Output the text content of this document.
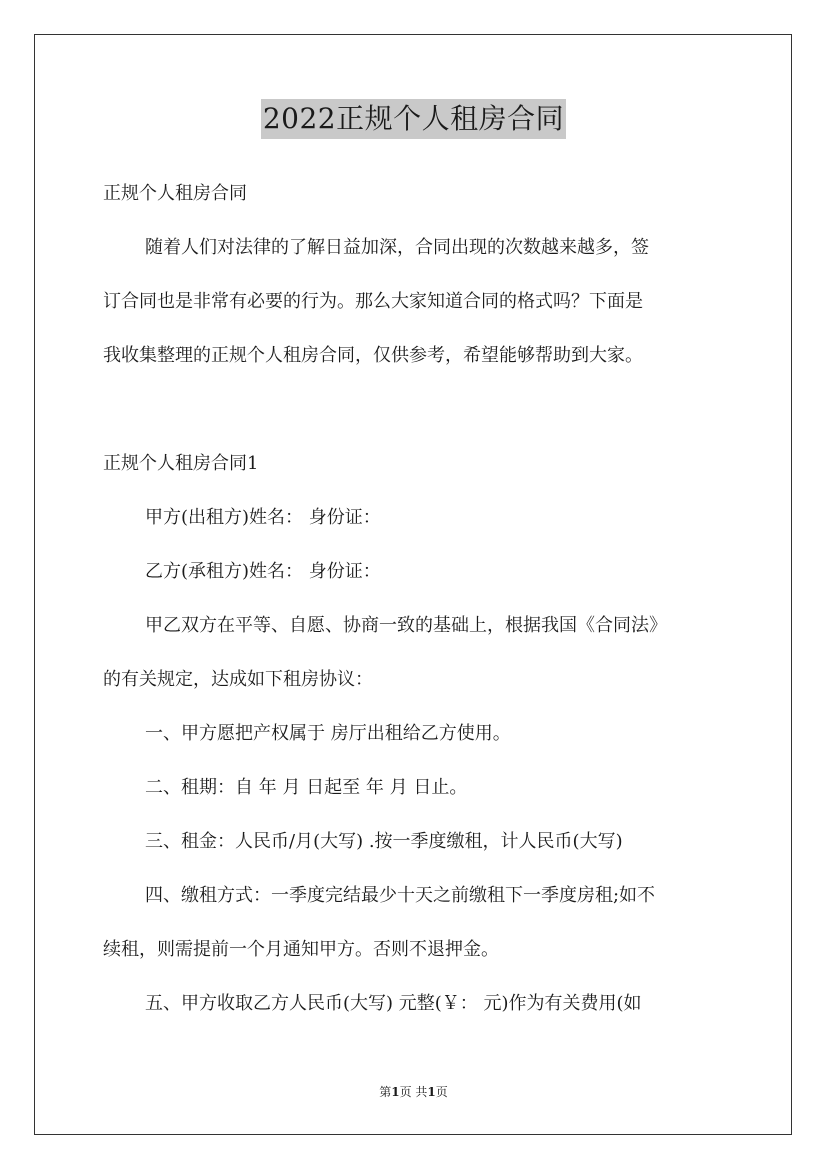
2022正规个人租房合同
正规个人租房合同
随着人们对法律的了解日益加深，合同出现的次数越来越多，签
订合同也是非常有必要的行为。那么大家知道合同的格式吗？下面是
我收集整理的正规个人租房合同，仅供参考，希望能够帮助到大家。
正规个人租房合同1
甲方(出租方)姓名： 身份证：
乙方(承租方)姓名： 身份证：
甲乙双方在平等、自愿、协商一致的基础上，根据我国《合同法》
的有关规定，达成如下租房协议：
一、甲方愿把产权属于 房厅出租给乙方使用。
二、租期：自 年 月 日起至 年 月 日止。
三、租金：人民币/月(大写) .按一季度缴租，计人民币(大写)
四、缴租方式：一季度完结最少十天之前缴租下一季度房租;如不
续租，则需提前一个月通知甲方。否则不退押金。
五、甲方收取乙方人民币(大写) 元整(￥： 元)作为有关费用(如
第1页 共1页
